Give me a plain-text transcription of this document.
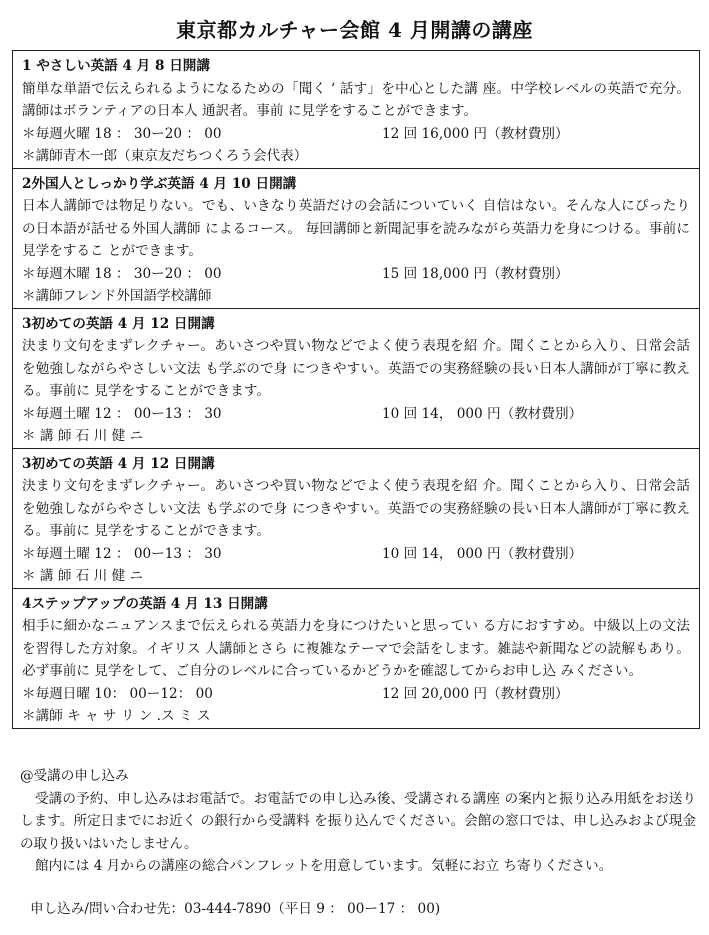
東京都カルチャー会館 4 月開講の講座
1 やさしい英語 4 月 8 日開講
簡単な単語で伝えられるようになるための「聞く ‘ 話す」を中心とした講 座。中学校レベルの英語で充分。講師はボランティアの日本人 通訳者。事前 に見学をすることができます。
＊毎週火曜 18 ： 30ー20 ： 00	12 回 16,000 円（教材費別）
＊講師青木一郎（東京友だちつくろう会代表）
2外国人としっかり学ぶ英語 4 月 10 日開講
日本人講師では物足りない。でも、いきなり英語だけの会話についていく 自信はない。そんな人にぴったりの日本語が話せる外国人講師 によるコース。 毎回講師と新聞記事を読みながら英語力を身につける。事前に見学をするこ とができます。
＊毎週木曜 18 ： 30ー20 ： 00	15 回 18,000 円（教材費別）
＊講師フレンド外国語学校講師
3初めての英語 4 月 12 日開講
決まり文句をまずレクチャー。あいさつや買い物などでよく使う表現を紹 介。聞くことから入り、日常会話を勉強しながらやさしい文法 も学ぶので身 につきやすい。英語での実務経験の長い日本人講師が丁寧に教える。事前に 見学をすることができます。
＊毎週土曜 12 ： 00ー13 ： 30	10 回 14， 000 円（教材費別）
＊ 講 師 石 川 健 ニ
3初めての英語 4 月 12 日開講
決まり文句をまずレクチャー。あいさつや買い物などでよく使う表現を紹 介。聞くことから入り、日常会話を勉強しながらやさしい文法 も学ぶので身 につきやすい。英語での実務経験の長い日本人講師が丁寧に教える。事前に 見学をすることができます。
＊毎週土曜 12 ： 00ー13 ： 30	10 回 14， 000 円（教材費別）
＊ 講 師 石 川 健 ニ
4ステップアップの英語 4 月 13 日開講
相手に細かなニュアンスまで伝えられる英語力を身につけたいと思ってい る方におすすめ。中級以上の文法を習得した方対象。イギリス 人講師とさら に複雑なテーマで会話をします。雑誌や新聞などの読解もあり。必ず事前に 見学をして、ご自分のレベルに合っているかどうかを確認してからお申し込 みください。
＊毎週日曜 10： 00ー12： 00	12 回 20,000 円（教材費別）
＊講師 キ ャ サ リ ン .ス ミ ス
@受講の申し込み
受講の予約、申し込みはお電話で。お電話での申し込み後、受講される講座 の案内と振り込み用紙をお送りします。所定日までにお近く の銀行から受講料 を振り込んでください。会館の窓口では、申し込みおよび現金の取り扱いはいたしません。
館内には 4 月からの講座の総合パンフレットを用意しています。気軽にお立 ち寄りください。
申し込み/問い合わせ先：03-444-7890（平日 9 ： 00ー17 ： 00)
